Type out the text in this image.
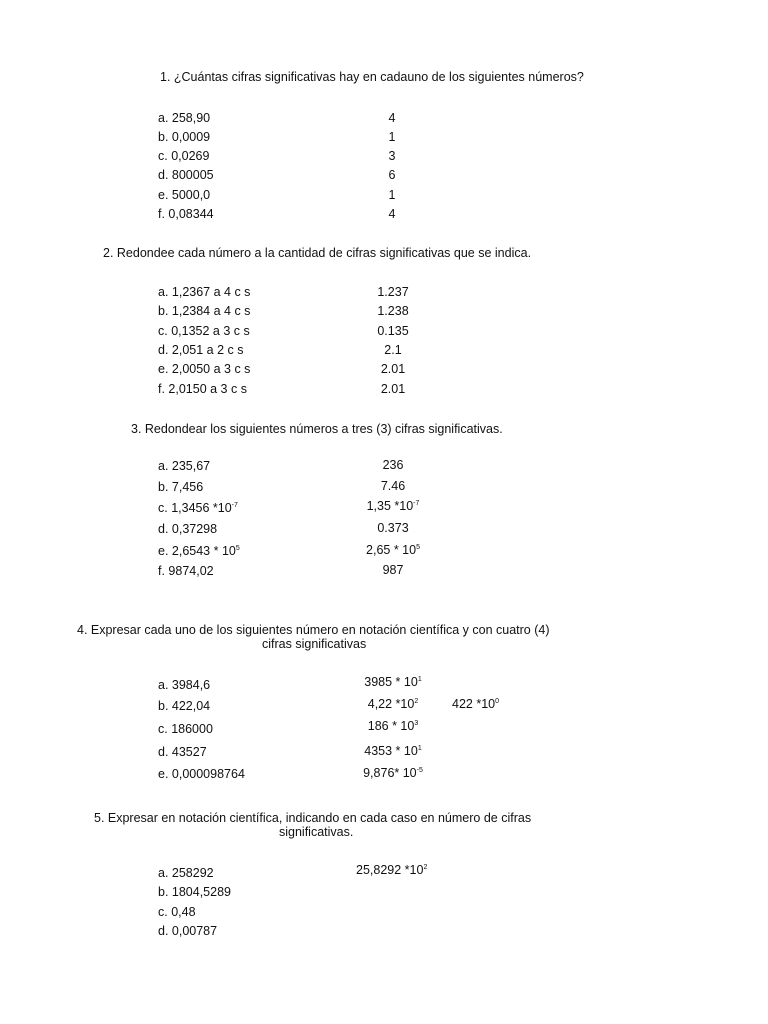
1. ¿Cuántas cifras significativas hay en cadauno de los siguientes números?
a. 258,90	4
b. 0,0009	1
c. 0,0269	3
d. 800005	6
e. 5000,0	1
f. 0,08344	4
2. Redondee cada número a la cantidad de cifras significativas que se indica.
a. 1,2367 a 4 c s	1.237
b. 1,2384 a 4 c s	1.238
c. 0,1352 a 3 c s	0.135
d. 2,051 a 2 c s	2.1
e. 2,0050 a 3 c s	2.01
f. 2,0150 a 3 c s	2.01
3. Redondear los siguientes números a tres (3) cifras significativas.
a. 235,67	236
b. 7,456	7.46
c. 1,3456 $*10^{-7}$	1,35 $*10^{-7}$
d. 0,37298	0.373
e. $2,6543 * 10^5$	$2,65 * 10^5$
f. 9874,02	987
4. Expresar cada uno de los siguientes número en notación científica y con cuatro (4)
cifras significativas
a. 3984,6	$3985 * 10^1$
b. 422,04	4,22 $*10^2$	422 $*10^0$
c. 186000	$186 * 10^3$
d. 43527	$4353 * 10^1$
e. 0,000098764	9,876* $10^{-5}$
5. Expresar en notación científica, indicando en cada caso en número de cifras
significativas.
a. 258292	25,8292 $*10^2$
b. 1804,5289
c. 0,48
d. 0,00787
